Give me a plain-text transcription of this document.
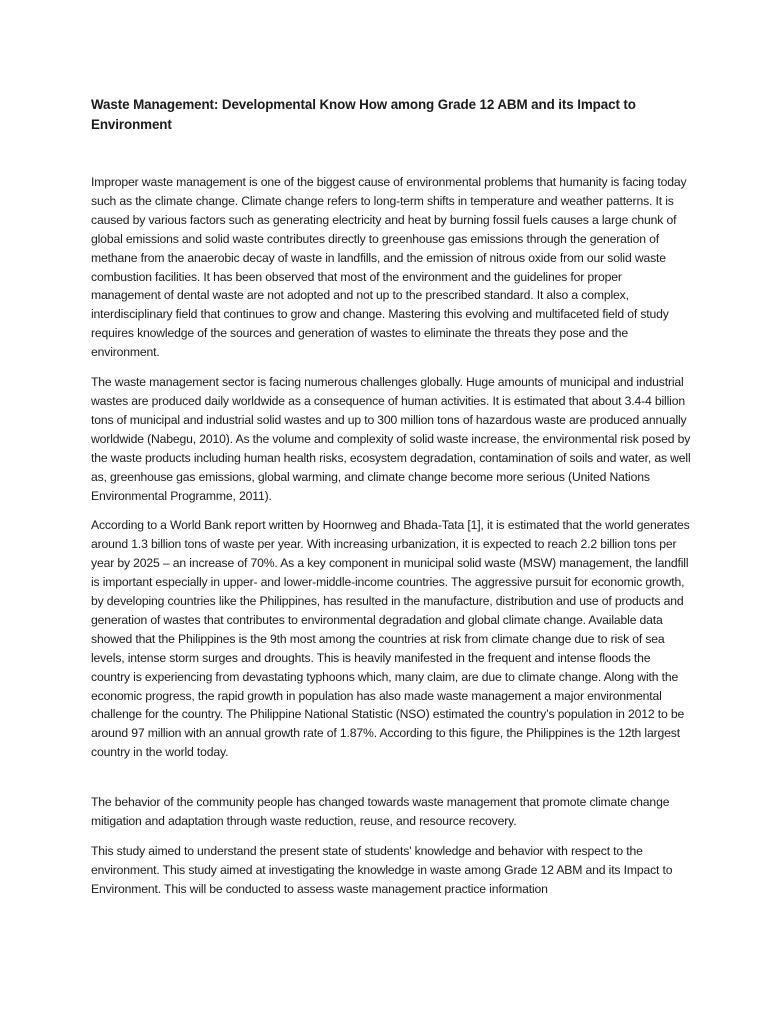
Waste Management: Developmental Know How among Grade 12 ABM and its Impact to Environment

Improper waste management is one of the biggest cause of environmental problems that humanity is facing today such as the climate change. Climate change refers to long-term shifts in temperature and weather patterns. It is caused by various factors such as generating electricity and heat by burning fossil fuels causes a large chunk of global emissions and solid waste contributes directly to greenhouse gas emissions through the generation of methane from the anaerobic decay of waste in landfills, and the emission of nitrous oxide from our solid waste combustion facilities. It has been observed that most of the environment and the guidelines for proper management of dental waste are not adopted and not up to the prescribed standard. It also a complex, interdisciplinary field that continues to grow and change. Mastering this evolving and multifaceted field of study requires knowledge of the sources and generation of wastes to eliminate the threats they pose and the environment.

The waste management sector is facing numerous challenges globally. Huge amounts of municipal and industrial wastes are produced daily worldwide as a consequence of human activities. It is estimated that about 3.4-4 billion tons of municipal and industrial solid wastes and up to 300 million tons of hazardous waste are produced annually worldwide (Nabegu, 2010). As the volume and complexity of solid waste increase, the environmental risk posed by the waste products including human health risks, ecosystem degradation, contamination of soils and water, as well as, greenhouse gas emissions, global warming, and climate change become more serious (United Nations Environmental Programme, 2011).

According to a World Bank report written by Hoornweg and Bhada-Tata [1], it is estimated that the world generates around 1.3 billion tons of waste per year. With increasing urbanization, it is expected to reach 2.2 billion tons per year by 2025 – an increase of 70%. As a key component in municipal solid waste (MSW) management, the landfill is important especially in upper- and lower-middle-income countries. The aggressive pursuit for economic growth, by developing countries like the Philippines, has resulted in the manufacture, distribution and use of products and generation of wastes that contributes to environmental degradation and global climate change. Available data showed that the Philippines is the 9th most among the countries at risk from climate change due to risk of sea levels, intense storm surges and droughts. This is heavily manifested in the frequent and intense floods the country is experiencing from devastating typhoons which, many claim, are due to climate change. Along with the economic progress, the rapid growth in population has also made waste management a major environmental challenge for the country. The Philippine National Statistic (NSO) estimated the country’s population in 2012 to be around 97 million with an annual growth rate of 1.87%. According to this figure, the Philippines is the 12th largest country in the world today.

The behavior of the community people has changed towards waste management that promote climate change mitigation and adaptation through waste reduction, reuse, and resource recovery.

This study aimed to understand the present state of students' knowledge and behavior with respect to the environment. This study aimed at investigating the knowledge in waste among Grade 12 ABM and its Impact to Environment. This will be conducted to assess waste management practice information
